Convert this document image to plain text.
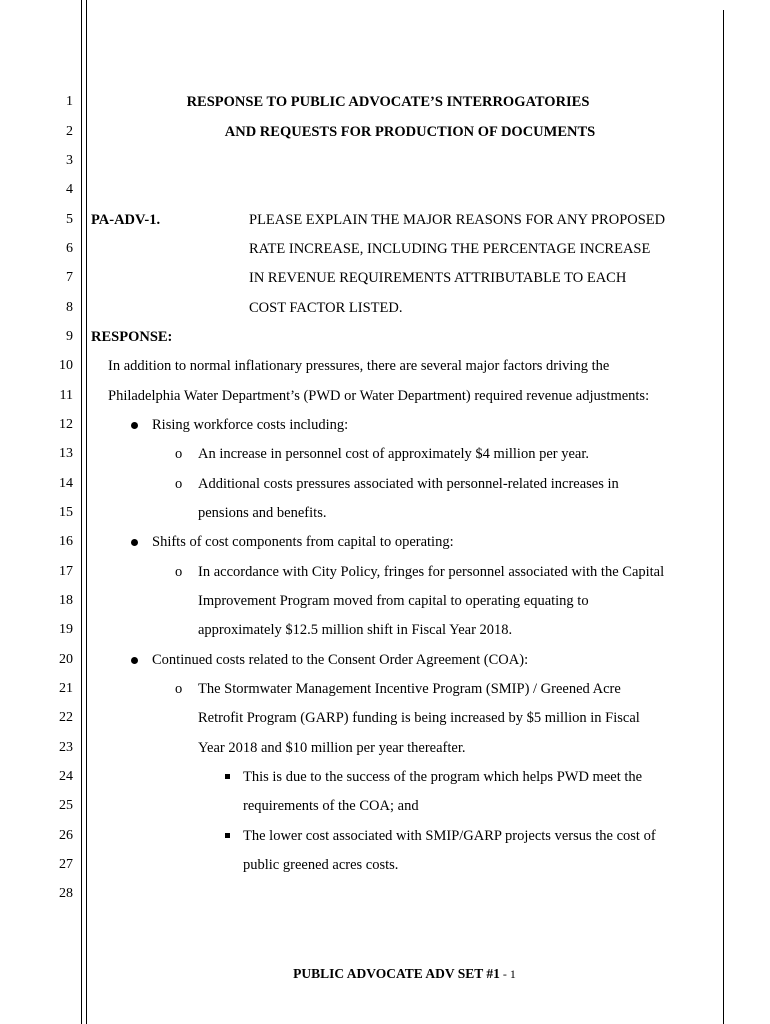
1
2
3
4
5
6
7
8
9
10
11
12
13
14
15
16
17
18
19
20
21
22
23
24
25
26
27
28
RESPONSE TO PUBLIC ADVOCATE’S INTERROGATORIES
AND REQUESTS FOR PRODUCTION OF DOCUMENTS
PA-ADV-1.	PLEASE EXPLAIN THE MAJOR REASONS FOR ANY PROPOSED
RATE INCREASE, INCLUDING THE PERCENTAGE INCREASE
IN REVENUE REQUIREMENTS ATTRIBUTABLE TO EACH
COST FACTOR LISTED.
RESPONSE:
In addition to normal inflationary pressures, there are several major factors driving the
Philadelphia Water Department’s (PWD or Water Department) required revenue adjustments:
Rising workforce costs including:
o An increase in personnel cost of approximately $4 million per year.
o Additional costs pressures associated with personnel-related increases in
pensions and benefits.
Shifts of cost components from capital to operating:
o In accordance with City Policy, fringes for personnel associated with the Capital
Improvement Program moved from capital to operating equating to
approximately $12.5 million shift in Fiscal Year 2018.
Continued costs related to the Consent Order Agreement (COA):
o The Stormwater Management Incentive Program (SMIP) / Greened Acre
Retrofit Program (GARP) funding is being increased by $5 million in Fiscal
Year 2018 and $10 million per year thereafter.
This is due to the success of the program which helps PWD meet the
requirements of the COA; and
The lower cost associated with SMIP/GARP projects versus the cost of
public greened acres costs.
PUBLIC ADVOCATE ADV SET #1 - 1
